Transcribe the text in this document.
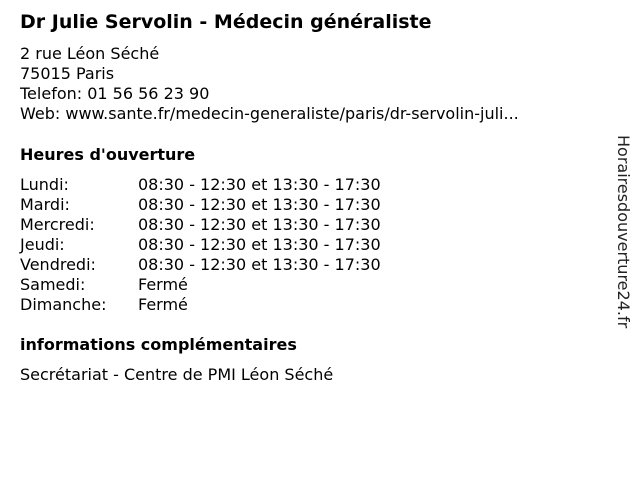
Dr Julie Servolin - Médecin généraliste
2 rue Léon Séché
75015 Paris
Telefon: 01 56 56 23 90
Web: www.sante.fr/medecin-generaliste/paris/dr-servolin-juli...
Heures d'ouverture
Lundi:	08:30 - 12:30 et 13:30 - 17:30
Mardi:	08:30 - 12:30 et 13:30 - 17:30
Mercredi:	08:30 - 12:30 et 13:30 - 17:30
Jeudi:	08:30 - 12:30 et 13:30 - 17:30
Vendredi:	08:30 - 12:30 et 13:30 - 17:30
Samedi:	Fermé
Dimanche:	Fermé
informations complémentaires
Secrétariat - Centre de PMI Léon Séché
Horairesdouverture24.fr
